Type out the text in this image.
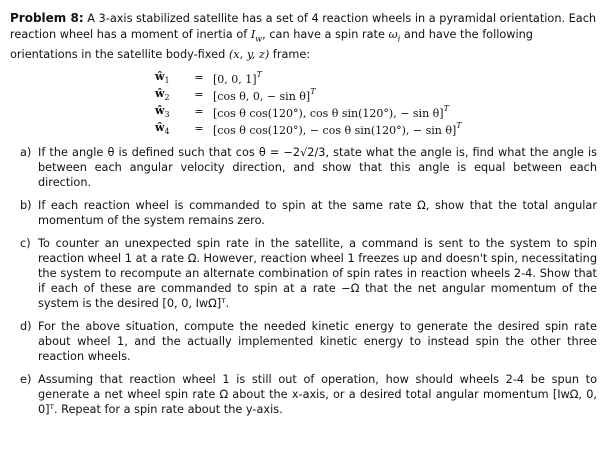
Problem 8: A 3-axis stabilized satellite has a set of 4 reaction wheels in a pyramidal orientation. Each reaction wheel has a moment of inertia of $I_w$, can have a spin rate $\omega_i$ and have the following orientations in the satellite body-fixed (x, y, z) frame:

$ŵ_1$	= [0, 0, 1]$^T$
$ŵ_2$	= [cos θ, 0, − sin θ]$^T$
$ŵ_3$	= [cos θ cos(120°), cos θ sin(120°), − sin θ]$^T$
$ŵ_4$	= [cos θ cos(120°), − cos θ sin(120°), − sin θ]$^T$
a) If the angle θ is defined such that cos θ = −2√2/3, state what the angle is, find what the angle is between each angular velocity direction, and show that this angle is equal between each direction.
b) If each reaction wheel is commanded to spin at the same rate Ω, show that the total angular momentum of the system remains zero.
c) To counter an unexpected spin rate in the satellite, a command is sent to the system to spin reaction wheel 1 at a rate Ω. However, reaction wheel 1 freezes up and doesn't spin, necessitating the system to recompute an alternate combination of spin rates in reaction wheels 2-4. Show that if each of these are commanded to spin at a rate −Ω that the net angular momentum of the system is the desired [0, 0, IwΩ]ᵀ.
d) For the above situation, compute the needed kinetic energy to generate the desired spin rate about wheel 1, and the actually implemented kinetic energy to instead spin the other three reaction wheels.
e) Assuming that reaction wheel 1 is still out of operation, how should wheels 2-4 be spun to generate a net wheel spin rate Ω about the x-axis, or a desired total angular momentum [IwΩ, 0, 0]ᵀ. Repeat for a spin rate about the y-axis.
